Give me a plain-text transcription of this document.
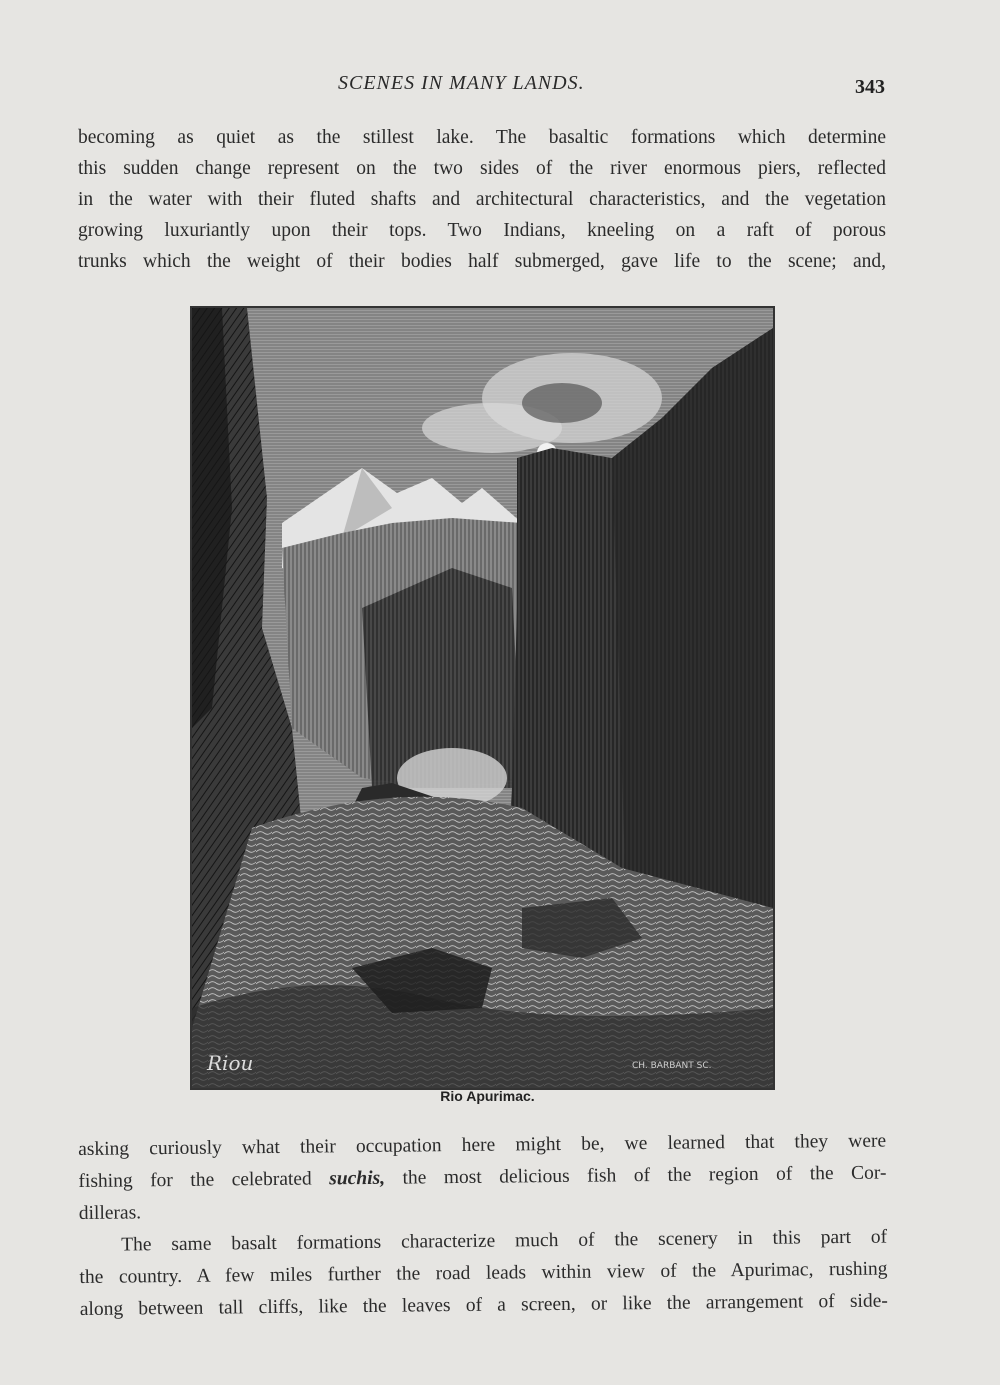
SCENES IN MANY LANDS.	343
becoming as quiet as the stillest lake. The basaltic formations which determine
this sudden change represent on the two sides of the river enormous piers, reflected
in the water with their fluted shafts and architectural characteristics, and the vegetation
growing luxuriantly upon their tops. Two Indians, kneeling on a raft of porous
trunks which the weight of their bodies half submerged, gave life to the scene; and,
Riou	CH. BARBANT SC.
Rio Apurimac.
asking curiously what their occupation here might be, we learned that they were
fishing for the celebrated suchis, the most delicious fish of the region of the Cor-
dilleras.
The same basalt formations characterize much of the scenery in this part of
the country. A few miles further the road leads within view of the Apurimac, rushing
along between tall cliffs, like the leaves of a screen, or like the arrangement of side-
